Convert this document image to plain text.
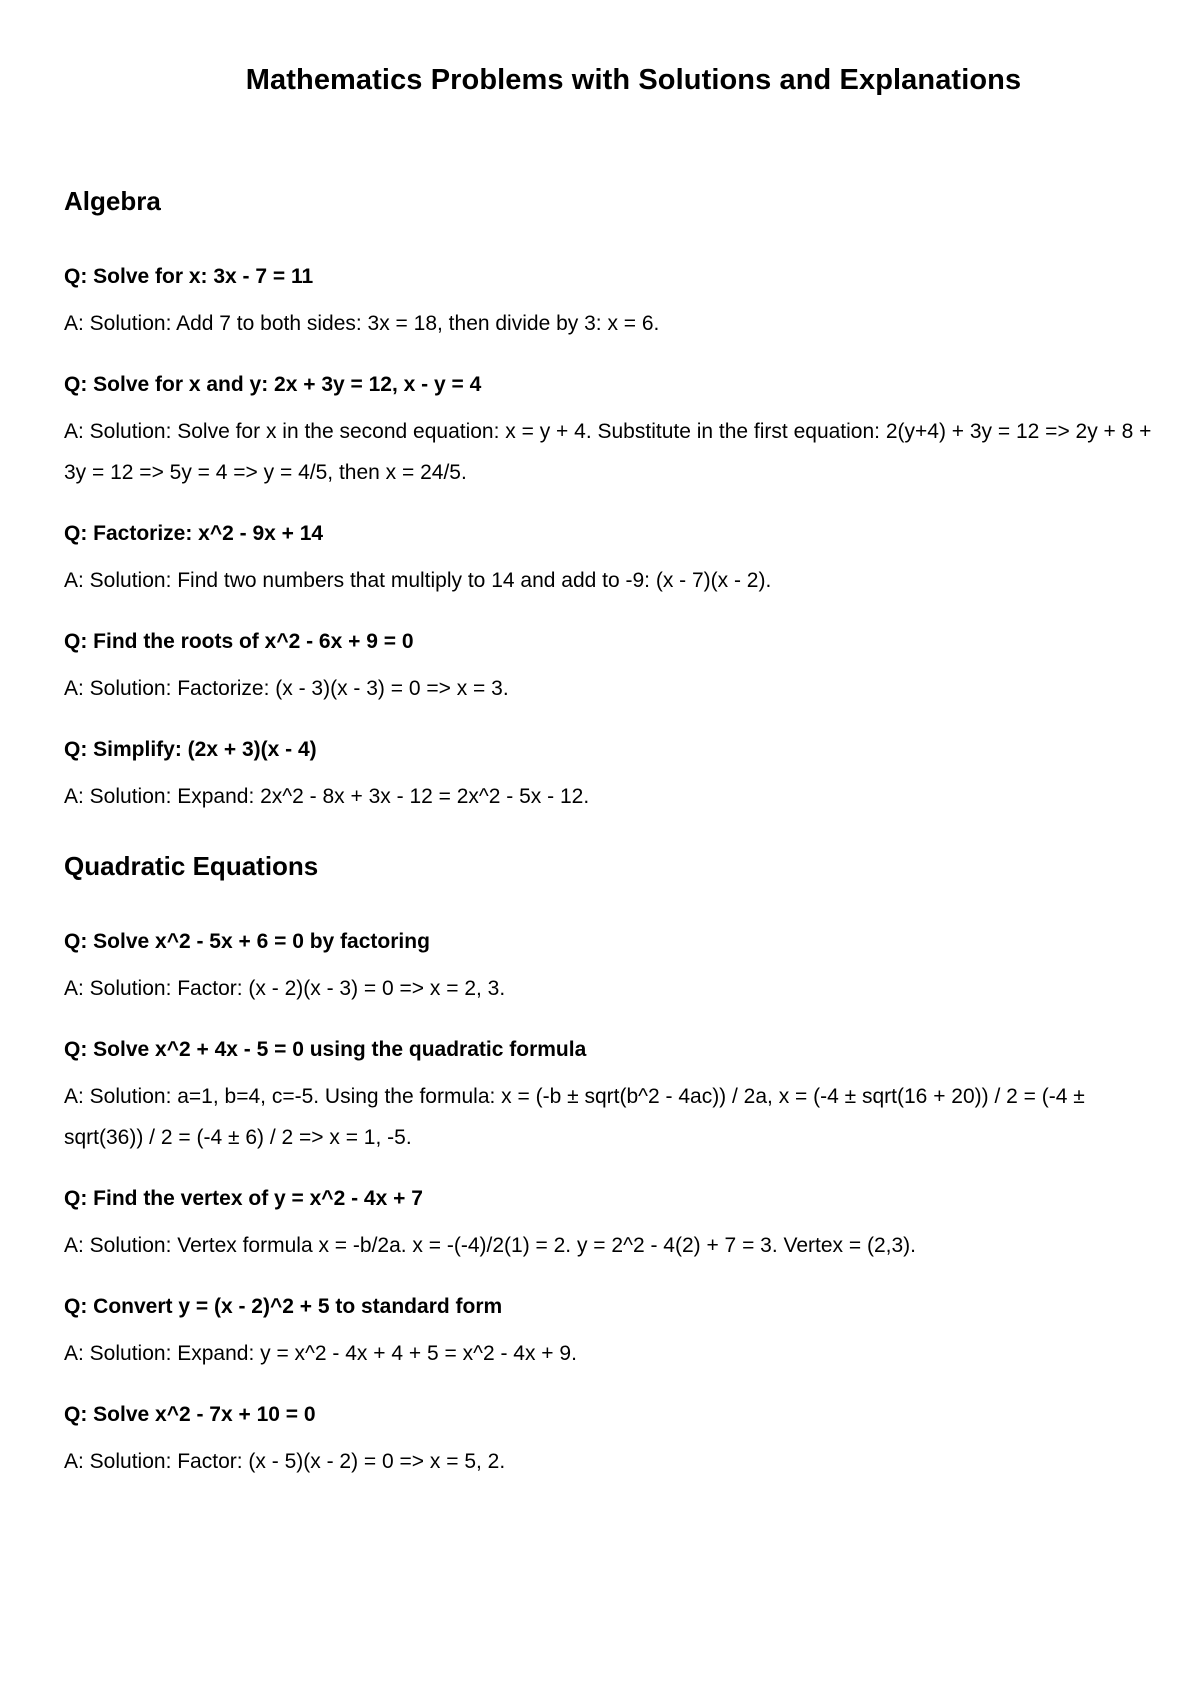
Mathematics Problems with Solutions and Explanations
Algebra

Q: Solve for x: 3x - 7 = 11

A: Solution: Add 7 to both sides: 3x = 18, then divide by 3: x = 6.

Q: Solve for x and y: 2x + 3y = 12, x - y = 4

A: Solution: Solve for x in the second equation: x = y + 4. Substitute in the first equation: 2(y+4) + 3y = 12 => 2y + 8 + 3y = 12 => 5y = 4 => y = 4/5, then x = 24/5.

Q: Factorize: x^2 - 9x + 14

A: Solution: Find two numbers that multiply to 14 and add to -9: (x - 7)(x - 2).

Q: Find the roots of x^2 - 6x + 9 = 0

A: Solution: Factorize: (x - 3)(x - 3) = 0 => x = 3.

Q: Simplify: (2x + 3)(x - 4)

A: Solution: Expand: 2x^2 - 8x + 3x - 12 = 2x^2 - 5x - 12.

Quadratic Equations

Q: Solve x^2 - 5x + 6 = 0 by factoring

A: Solution: Factor: (x - 2)(x - 3) = 0 => x = 2, 3.

Q: Solve x^2 + 4x - 5 = 0 using the quadratic formula

A: Solution: a=1, b=4, c=-5. Using the formula: x = (-b ± sqrt(b^2 - 4ac)) / 2a, x = (-4 ± sqrt(16 + 20)) / 2 = (-4 ± sqrt(36)) / 2 = (-4 ± 6) / 2 => x = 1, -5.

Q: Find the vertex of y = x^2 - 4x + 7

A: Solution: Vertex formula x = -b/2a. x = -(-4)/2(1) = 2. y = 2^2 - 4(2) + 7 = 3. Vertex = (2,3).

Q: Convert y = (x - 2)^2 + 5 to standard form

A: Solution: Expand: y = x^2 - 4x + 4 + 5 = x^2 - 4x + 9.

Q: Solve x^2 - 7x + 10 = 0

A: Solution: Factor: (x - 5)(x - 2) = 0 => x = 5, 2.
